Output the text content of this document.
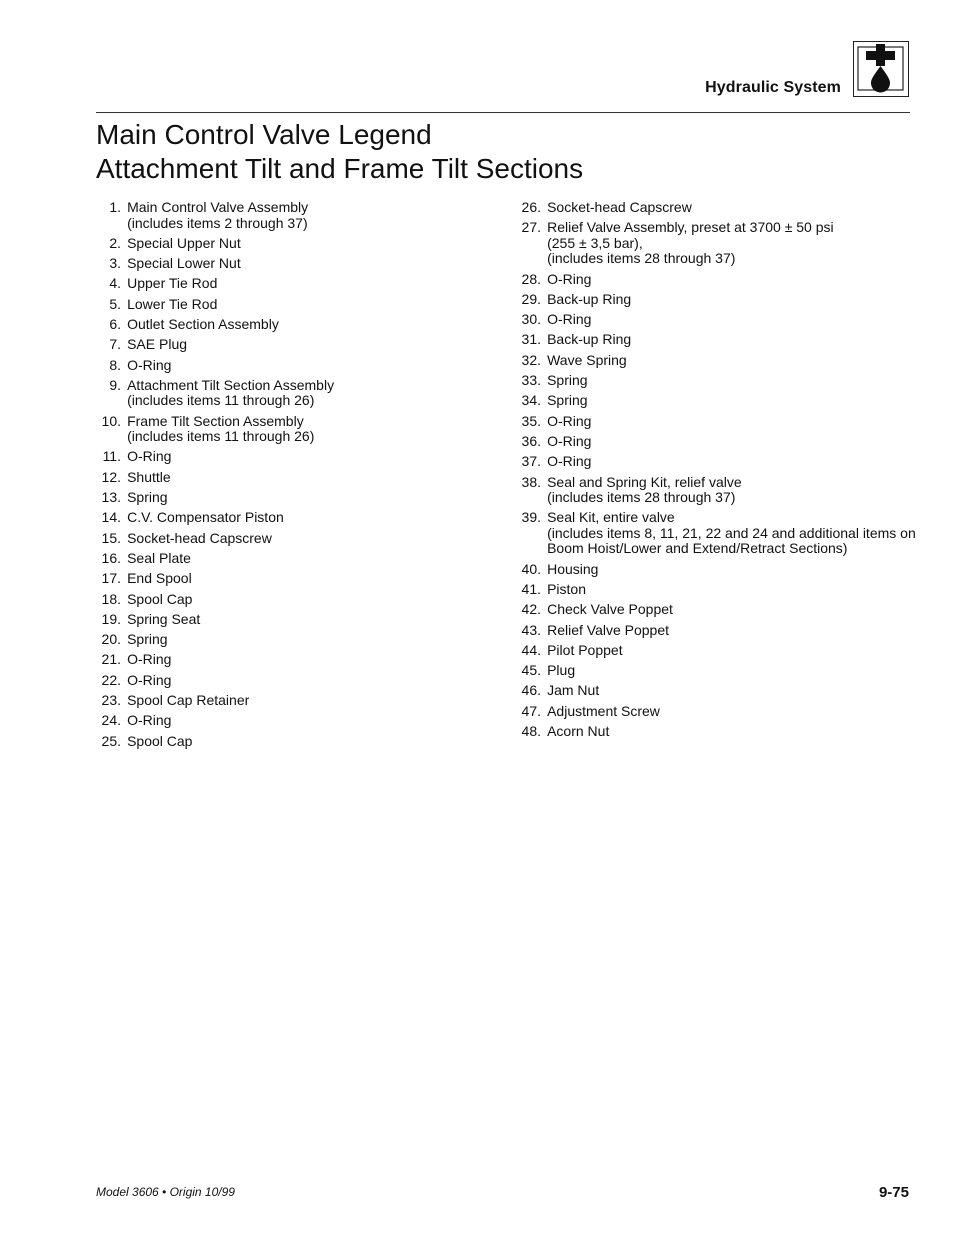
Hydraulic System
Main Control Valve Legend
Attachment Tilt and Frame Tilt Sections
1. Main Control Valve Assembly
(includes items 2 through 37)
2. Special Upper Nut
3. Special Lower Nut
4. Upper Tie Rod
5. Lower Tie Rod
6. Outlet Section Assembly
7. SAE Plug
8. O-Ring
9. Attachment Tilt Section Assembly
(includes items 11 through 26)
10. Frame Tilt Section Assembly
(includes items 11 through 26)
11. O-Ring
12. Shuttle
13. Spring
14. C.V. Compensator Piston
15. Socket-head Capscrew
16. Seal Plate
17. End Spool
18. Spool Cap
19. Spring Seat
20. Spring
21. O-Ring
22. O-Ring
23. Spool Cap Retainer
24. O-Ring
25. Spool Cap
26. Socket-head Capscrew
27. Relief Valve Assembly, preset at 3700 ± 50 psi
(255 ± 3,5 bar),
(includes items 28 through 37)
28. O-Ring
29. Back-up Ring
30. O-Ring
31. Back-up Ring
32. Wave Spring
33. Spring
34. Spring
35. O-Ring
36. O-Ring
37. O-Ring
38. Seal and Spring Kit, relief valve
(includes items 28 through 37)
39. Seal Kit, entire valve
(includes items 8, 11, 21, 22 and 24 and additional items on
Boom Hoist/Lower and Extend/Retract Sections)
40. Housing
41. Piston
42. Check Valve Poppet
43. Relief Valve Poppet
44. Pilot Poppet
45. Plug
46. Jam Nut
47. Adjustment Screw
48. Acorn Nut
Model 3606 • Origin 10/99	9-75
